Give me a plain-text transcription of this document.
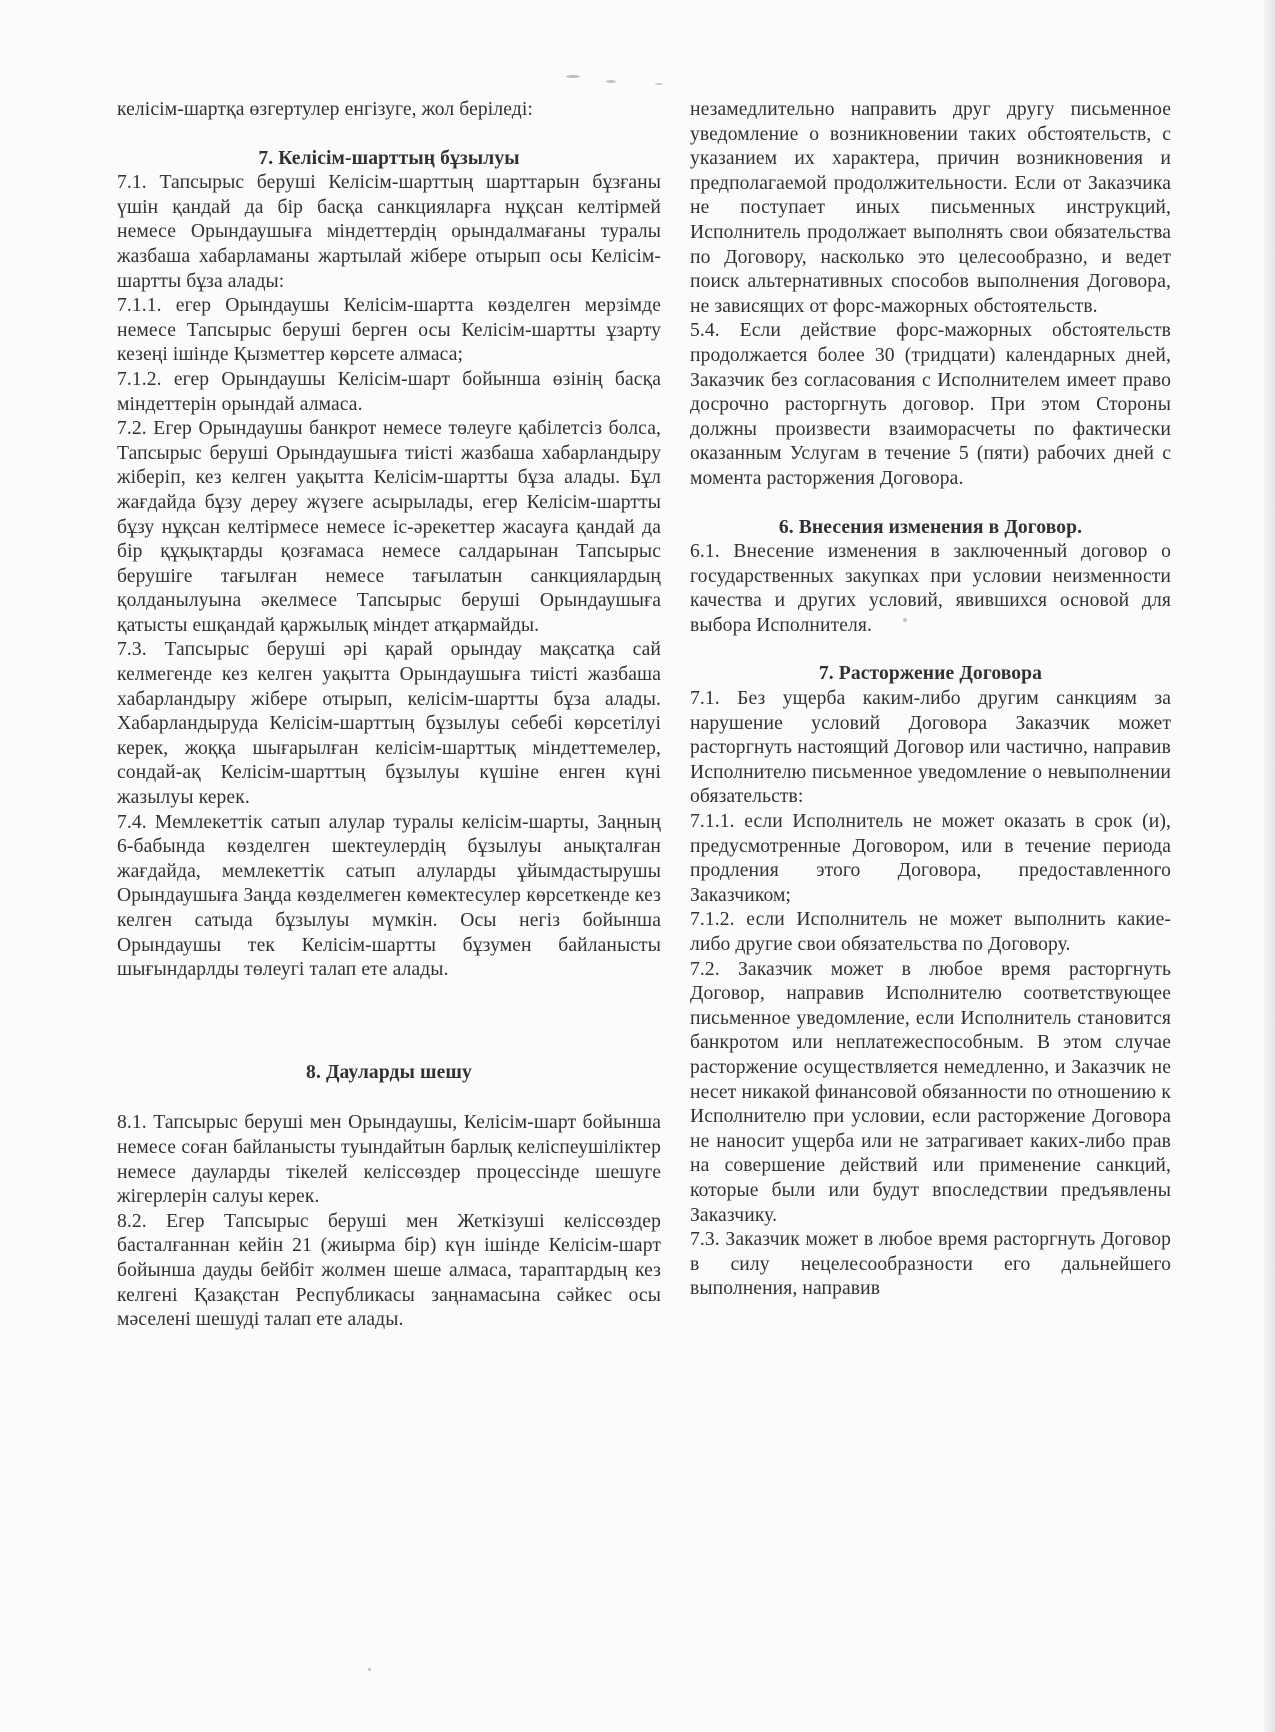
келісім-шартқа өзгертулер енгізуге, жол беріледі:

7. Келісім-шарттың бұзылуы

7.1. Тапсырыс беруші Келісім-шарттың шарттарын бұзғаны үшін қандай да бір басқа санкцияларға нұқсан келтірмей немесе Орындаушыға міндеттердің орындалмағаны туралы жазбаша хабарламаны жартылай жібере отырып осы Келісім-шартты бұза алады:

7.1.1. егер Орындаушы Келісім-шартта көзделген мерзімде немесе Тапсырыс беруші берген осы Келісім-шартты ұзарту кезеңі ішінде Қызметтер көрсете алмаса;

7.1.2. егер Орындаушы Келісім-шарт бойынша өзінің басқа міндеттерін орындай алмаса.

7.2. Егер Орындаушы банкрот немесе төлеуге қабілетсіз болса, Тапсырыс беруші Орындаушыға тиісті жазбаша хабарландыру жіберіп, кез келген уақытта Келісім-шартты бұза алады. Бұл жағдайда бұзу дереу жүзеге асырылады, егер Келісім-шартты бұзу нұқсан келтірмесе немесе іс-әрекеттер жасауға қандай да бір құқықтарды қозғамаса немесе салдарынан Тапсырыс берушіге тағылған немесе тағылатын санкциялардың қолданылуына әкелмесе Тапсырыс беруші Орындаушыға қатысты ешқандай қаржылық міндет атқармайды.

7.3. Тапсырыс беруші әрі қарай орындау мақсатқа сай келмегенде кез келген уақытта Орындаушыға тиісті жазбаша хабарландыру жібере отырып, келісім-шартты бұза алады. Хабарландыруда Келісім-шарттың бұзылуы себебі көрсетілуі керек, жоққа шығарылған келісім-шарттық міндеттемелер, сондай-ақ Келісім-шарттың бұзылуы күшіне енген күні жазылуы керек.

7.4. Мемлекеттік сатып алулар туралы келісім-шарты, Заңның 6-бабында көзделген шектеулердің бұзылуы анықталған жағдайда, мемлекеттік сатып алуларды ұйымдастырушы Орындаушыға Заңда көзделмеген көмектесулер көрсеткенде кез келген сатыда бұзылуы мүмкін. Осы негіз бойынша Орындаушы тек Келісім-шартты бұзумен байланысты шығындарлды төлеугі талап ете алады.

8. Дауларды шешу

8.1. Тапсырыс беруші мен Орындаушы, Келісім-шарт бойынша немесе соған байланысты туындайтын барлық келіспеушіліктер немесе дауларды тікелей келіссөздер процессінде шешуге жігерлерін салуы керек.

8.2. Егер Тапсырыс беруші мен Жеткізуші келіссөздер басталғаннан кейін 21 (жиырма бір) күн ішінде Келісім-шарт бойынша дауды бейбіт жолмен шеше алмаса, тараптардың кез келгені Қазақстан Республикасы заңнамасына сәйкес осы мәселені шешуді талап ете алады.

незамедлительно направить друг другу письменное уведомление о возникновении таких обстоятельств, с указанием их характера, причин возникновения и предполагаемой продолжительности. Если от Заказчика не поступает иных письменных инструкций, Исполнитель продолжает выполнять свои обязательства по Договору, насколько это целесообразно, и ведет поиск альтернативных способов выполнения Договора, не зависящих от форс-мажорных обстоятельств.

5.4. Если действие форс-мажорных обстоятельств продолжается более 30 (тридцати) календарных дней, Заказчик без согласования с Исполнителем имеет право досрочно расторгнуть договор. При этом Стороны должны произвести взаиморасчеты по фактически оказанным Услугам в течение 5 (пяти) рабочих дней с момента расторжения Договора.

6. Внесения изменения в Договор.

6.1. Внесение изменения в заключенный договор о государственных закупках при условии неизменности качества и других условий, явившихся основой для выбора Исполнителя.

7. Расторжение Договора

7.1. Без ущерба каким-либо другим санкциям за нарушение условий Договора Заказчик может расторгнуть настоящий Договор или частично, направив Исполнителю письменное уведомление о невыполнении обязательств:

7.1.1. если Исполнитель не может оказать в срок (и), предусмотренные Договором, или в течение периода продления этого Договора, предоставленного Заказчиком;

7.1.2. если Исполнитель не может выполнить какие-либо другие свои обязательства по Договору.

7.2. Заказчик может в любое время расторгнуть Договор, направив Исполнителю соответствующее письменное уведомление, если Исполнитель становится банкротом или неплатежеспособным. В этом случае расторжение осуществляется немедленно, и Заказчик не несет никакой финансовой обязанности по отношению к Исполнителю при условии, если расторжение Договора не наносит ущерба или не затрагивает каких-либо прав на совершение действий или применение санкций, которые были или будут впоследствии предъявлены Заказчику.

7.3. Заказчик может в любое время расторгнуть Договор в силу нецелесообразности его дальнейшего выполнения, направив
